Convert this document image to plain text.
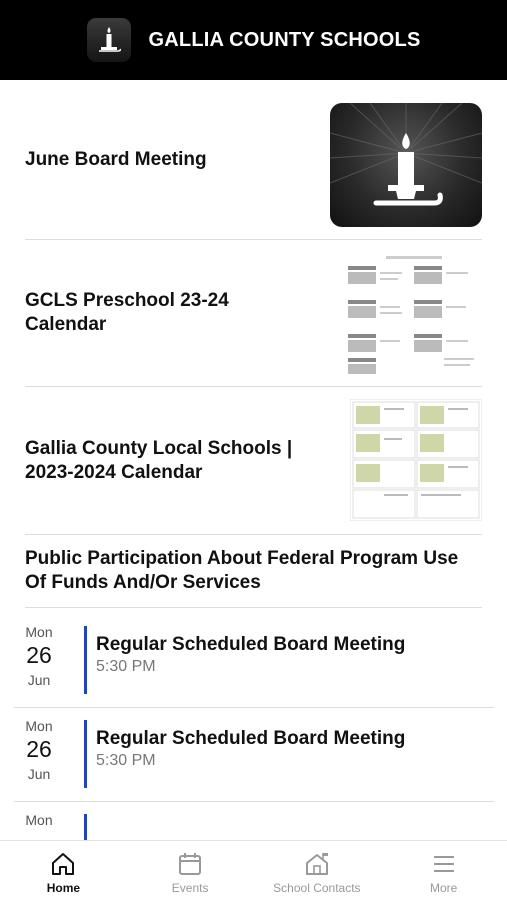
GALLIA COUNTY SCHOOLS
June Board Meeting
GCLS Preschool 23-24 Calendar
Gallia County Local Schools | 2023-2024 Calendar
Public Participation About Federal Program Use Of Funds And/Or Services
Mon
26
Jun
Regular Scheduled Board Meeting
5:30 PM
Mon
26
Jun
Regular Scheduled Board Meeting
5:30 PM
Mon
Home	Events	School Contacts	More
